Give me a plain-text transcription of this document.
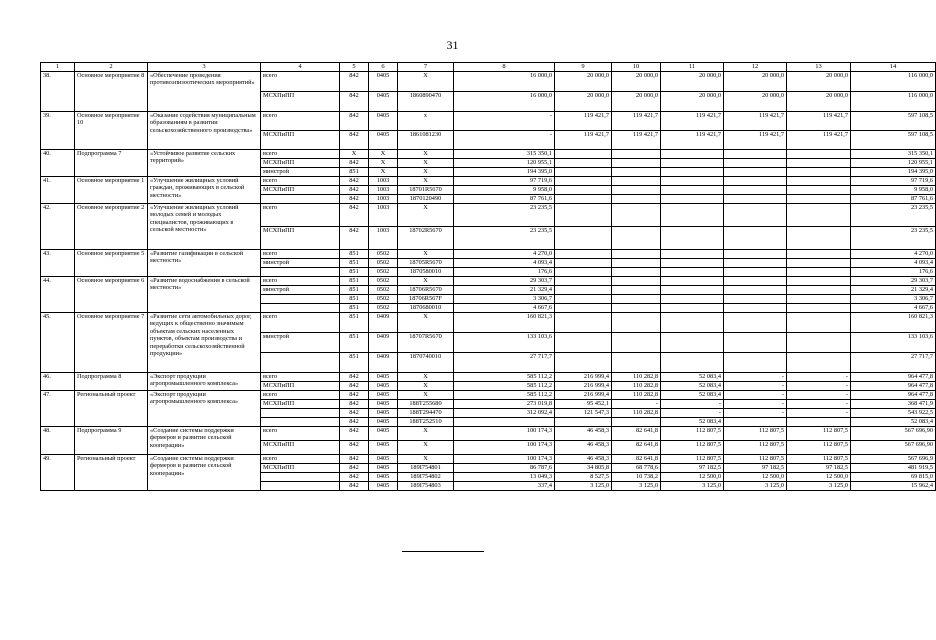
31
1	2	3	4	5	6	7	8	9	10	11	12	13	14
38.	Основное мероприятие 8	«Обеспечение проведения противоэпизоотических мероприятий»	всего	842	0405	Х	16 000,0	20 000,0	20 000,0	20 000,0	20 000,0	20 000,0	116 000,0
			МСХПиПП	842	0405	1860890470	16 000,0	20 000,0	20 000,0	20 000,0	20 000,0	20 000,0	116 000,0
39.	Основное мероприятие 10	«Оказание содействия муниципальным образованиям в развитии сельскохозяйственного производства»	всего	842	0405	х	-	119 421,7	119 421,7	119 421,7	119 421,7	119 421,7	597 108,5
			МСХПиПП	842	0405	1861081230	-	119 421,7	119 421,7	119 421,7	119 421,7	119 421,7	597 108,5
40.	Подпрограмма 7	«Устойчивое развитие сельских территорий»	всего	Х	Х	Х	315 350,1						315 350,1
			МСХПиПП	842	Х	Х	120 955,1						120 955,1
			минстрой	851	Х	Х	194 395,0						194 395,0
41.	Основное мероприятие 1	«Улучшение жилищных условий граждан, проживающих в сельской местности»	всего	842	1003	Х	97 719,6						97 719,6
			МСХПиПП	842	1003	18701R5670	9 958,0						9 958,0
				842	1003	1870120490	87 761,6						87 761,6
42.	Основное мероприятие 2	«Улучшение жилищных условий молодых семей и молодых специалистов, проживающих в сельской местности»	всего	842	1003	Х	23 235,5						23 235,5
			МСХПиПП	842	1003	18702R5670	23 235,5						23 235,5
43.	Основное мероприятие 5	«Развитие газификации в сельской местности»	всего	851	0502	Х	4 270,0						4 270,0
			минстрой	851	0502	18705R5670	4 093,4						4 093,4
				851	0502	1870580010	176,6						176,6
44.	Основное мероприятие 6	«Развитие водоснабжения в сельской местности»	всего	851	0502	Х	29 303,7						29 303,7
			минстрой	851	0502	18706R5670	21 329,4						21 329,4
				851	0502	18706R567F	3 306,7						3 306,7
				851	0502	1870680010	4 667,6						4 667,6
45.	Основное мероприятие 7	«Развитие сети автомобильных дорог, ведущих к общественно значимым объектам сельских населенных пунктов, объектам производства и переработки сельскохозяйственной продукции»	всего	851	0409	Х	160 821,3						160 821,3
			минстрой	851	0409	18707R5670	133 103,6						133 103,6
				851	0409	1870740010	27 717,7						27 717,7
46.	Подпрограмма 8	«Экспорт продукции агропромышленного комплекса»	всего	842	0405	Х	585 112,2	216 999,4	110 282,8	52 083,4	-	-	964 477,8
			МСХПиПП	842	0405	Х	585 112,2	216 999,4	110 282,8	52 083,4	-	-	964 477,8
47.	Региональный проект	«Экспорт продукции агропромышленного комплекса»	всего	842	0405	Х	585 112,2	216 999,4	110 282,8	52 083,4	-	-	964 477,8
			МСХПиПП	842	0405	188T255680	273 019,8	95 452,1	-	-	-	-	368 471,9
				842	0405	188T294470	312 092,4	121 547,3	110 282,8	-	-	-	543 922,5
				842	0405	188T252510				52 083,4			52 083,4
48.	Подпрограмма 9	«Создание системы поддержки фермеров и развитие сельской кооперации»	всего	842	0405	Х	100 174,3	46 458,3	82 641,8	112 807,5	112 807,5	112 807,5	567 696,90
			МСХПиПП	842	0405	Х	100 174,3	46 458,3	82 641,8	112 807,5	112 807,5	112 807,5	567 696,90
49.	Региональный проект	«Создание системы поддержки фермеров и развитие сельской кооперации»	всего	842	0405	Х	100 174,3	46 458,3	82 641,8	112 807,5	112 807,5	112 807,5	567 696,9
			МСХПиПП	842	0405	189I754801	86 787,6	34 805,8	68 778,6	97 182,5	97 182,5	97 182,5	481 919,5
				842	0405	189I754802	13 049,3	8 527,5	10 738,2	12 500,0	12 500,0	12 500,0	69 815,0
				842	0405	189I754803	337,4	3 125,0	3 125,0	3 125,0	3 125,0	3 125,0	15 962,4
